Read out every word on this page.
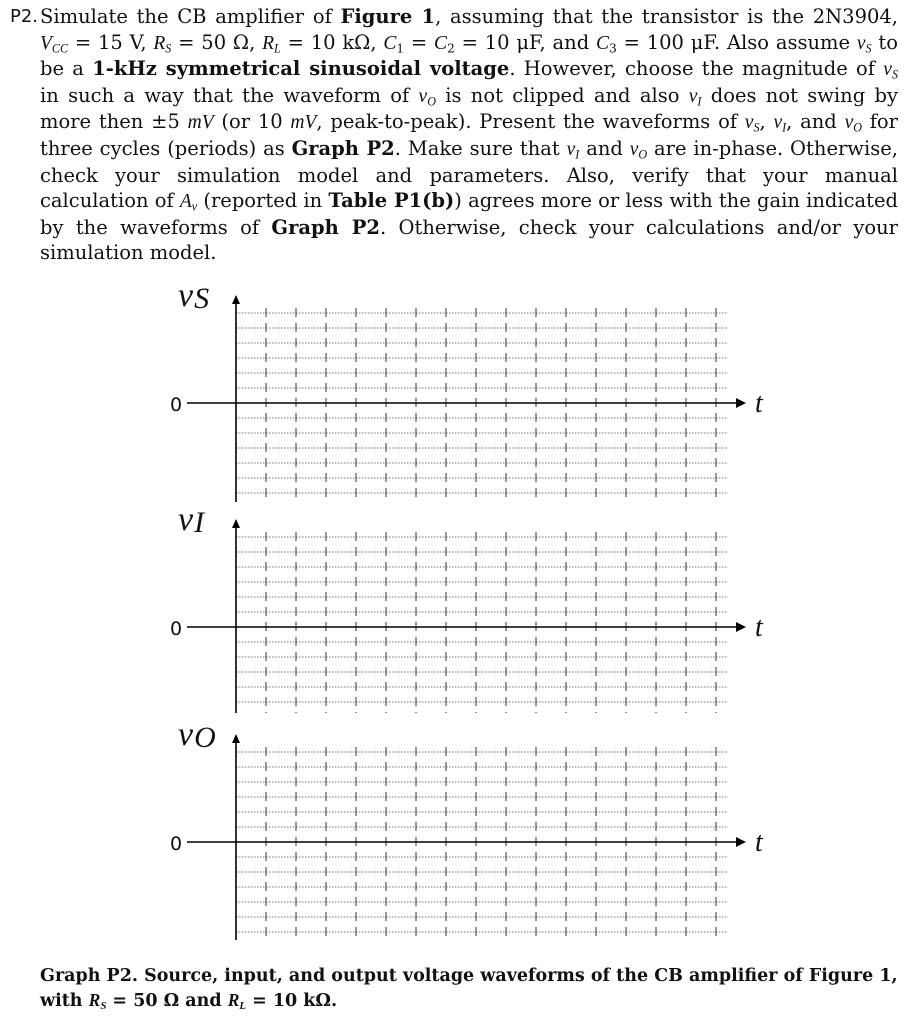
P2. Simulate the CB amplifier of Figure 1, assuming that the transistor is the 2N3904, $V_{CC} = 15$ V, $R_S = 50$ Ω, $R_L = 10$ kΩ, $C_1 = C_2 = 10$ μF, and $C_3 = 100$ μF. Also assume $v_S$ to be a 1-kHz symmetrical sinusoidal voltage. However, choose the magnitude of $v_S$ in such a way that the waveform of $v_O$ is not clipped and also $v_I$ does not swing by more then ±5 mV (or 10 mV, peak-to-peak). Present the waveforms of $v_S$, $v_I$, and $v_O$ for three cycles (periods) as Graph P2. Make sure that $v_I$ and $v_O$ are in-phase. Otherwise, check your simulation model and parameters. Also, verify that your manual calculation of $A_v$ (reported in Table P1(b)) agrees more or less with the gain indicated by the waveforms of Graph P2. Otherwise, check your calculations and/or your simulation model.
0	t
vS
0	t
vI
0	t
vO
Graph P2. Source, input, and output voltage waveforms of the CB amplifier of Figure 1, with $R_S = 50$ Ω and $R_L = 10$ kΩ.
